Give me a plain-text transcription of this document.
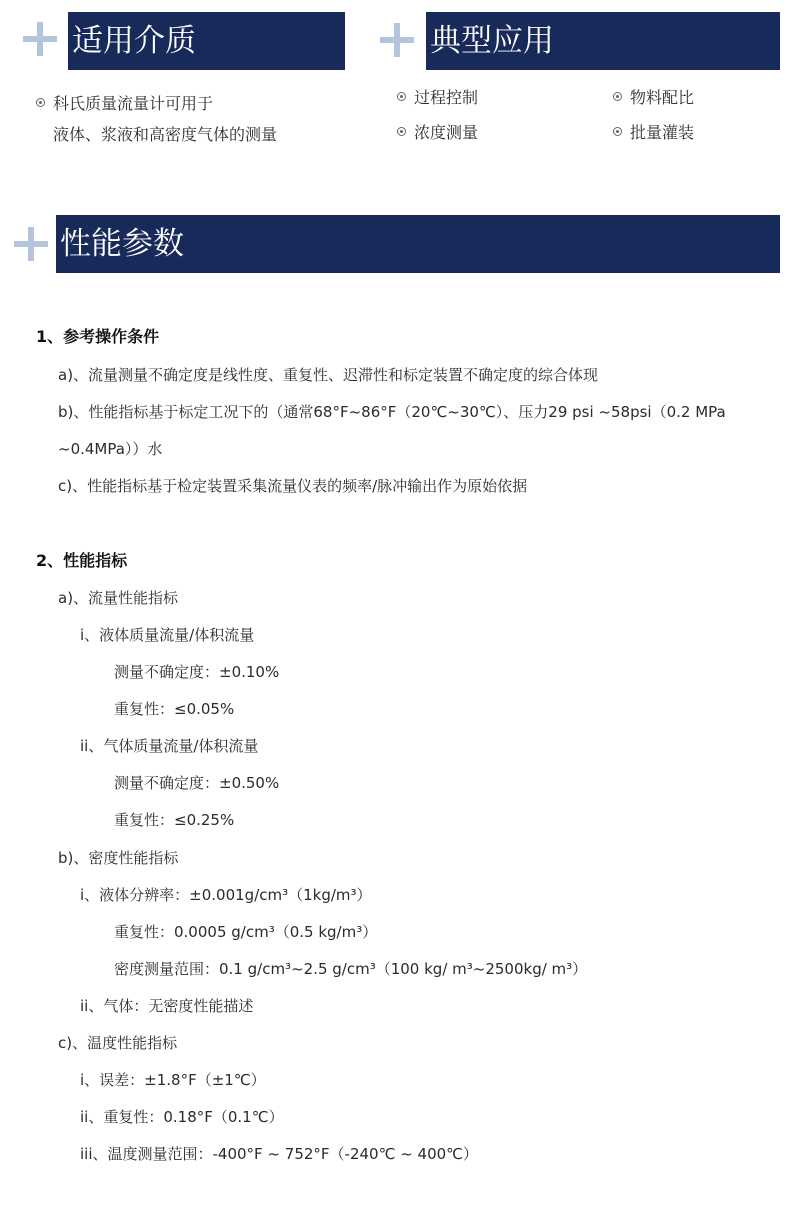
适用介质
科氏质量流量计可用于
液体、浆液和高密度气体的测量
典型应用
过程控制	物料配比
浓度测量	批量灌装
性能参数
1、参考操作条件
a)、流量测量不确定度是线性度、重复性、迟滞性和标定装置不确定度的综合体现
b)、性能指标基于标定工况下的（通常68°F~86°F（20℃~30℃）、压力29 psi ~58psi（0.2 MPa
~0.4MPa））水
c)、性能指标基于检定装置采集流量仪表的频率/脉冲输出作为原始依据
2、性能指标
a)、流量性能指标
i、液体质量流量/体积流量
测量不确定度：±0.10%
重复性：≤0.05%
ii、气体质量流量/体积流量
测量不确定度：±0.50%
重复性：≤0.25%
b)、密度性能指标
i、液体分辨率：±0.001g/cm³（1kg/m³）
重复性：0.0005 g/cm³（0.5 kg/m³）
密度测量范围：0.1 g/cm³~2.5 g/cm³（100 kg/ m³~2500kg/ m³）
ii、气体：无密度性能描述
c)、温度性能指标
i、误差：±1.8°F（±1℃）
ii、重复性：0.18°F（0.1℃）
iii、温度测量范围：-400°F ~ 752°F（-240℃ ~ 400℃）
